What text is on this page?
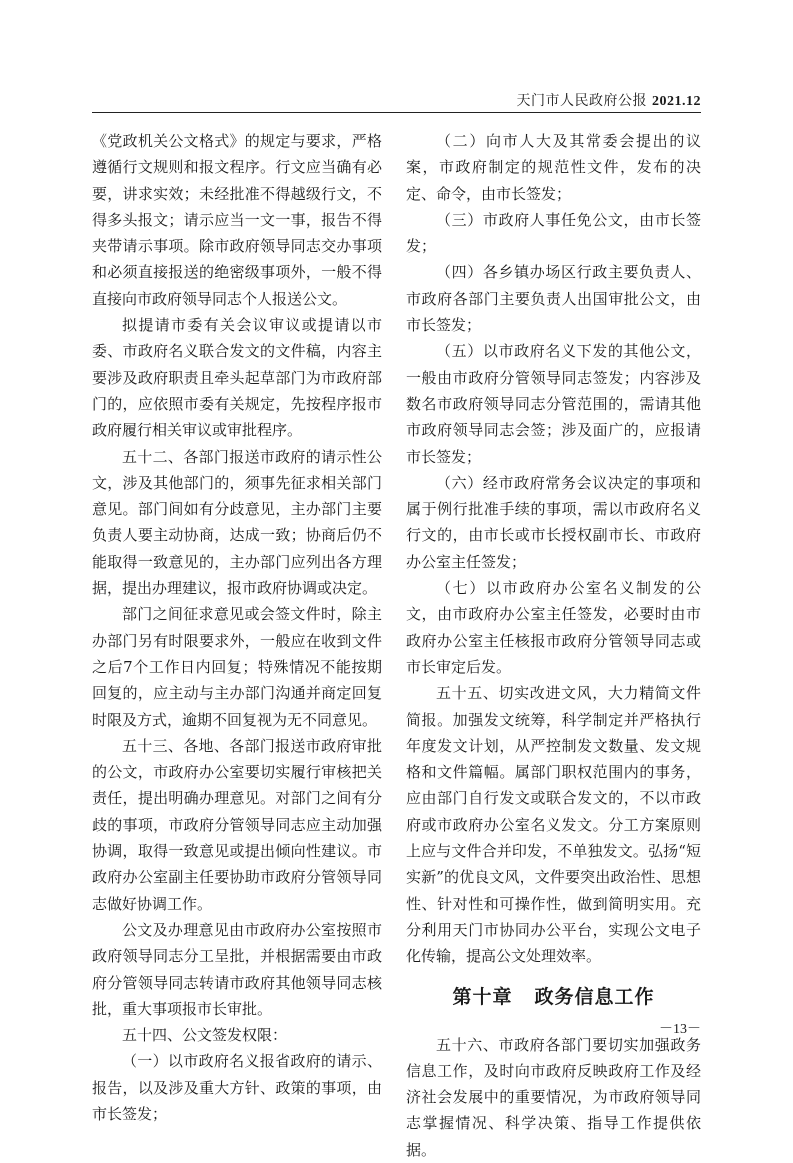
天门市人民政府公报 2021.12

《党政机关公文格式》的规定与要求，严格遵循行文规则和报文程序。行文应当确有必要，讲求实效；未经批准不得越级行文，不得多头报文；请示应当一文一事，报告不得夹带请示事项。除市政府领导同志交办事项和必须直接报送的绝密级事项外，一般不得直接向市政府领导同志个人报送公文。

拟提请市委有关会议审议或提请以市委、市政府名义联合发文的文件稿，内容主要涉及政府职责且牵头起草部门为市政府部门的，应依照市委有关规定，先按程序报市政府履行相关审议或审批程序。

五十二、各部门报送市政府的请示性公文，涉及其他部门的，须事先征求相关部门意见。部门间如有分歧意见，主办部门主要负责人要主动协商，达成一致；协商后仍不能取得一致意见的，主办部门应列出各方理据，提出办理建议，报市政府协调或决定。

部门之间征求意见或会签文件时，除主办部门另有时限要求外，一般应在收到文件之后7个工作日内回复；特殊情况不能按期回复的，应主动与主办部门沟通并商定回复时限及方式，逾期不回复视为无不同意见。

五十三、各地、各部门报送市政府审批的公文，市政府办公室要切实履行审核把关责任，提出明确办理意见。对部门之间有分歧的事项，市政府分管领导同志应主动加强协调，取得一致意见或提出倾向性建议。市政府办公室副主任要协助市政府分管领导同志做好协调工作。

公文及办理意见由市政府办公室按照市政府领导同志分工呈批，并根据需要由市政府分管领导同志转请市政府其他领导同志核批，重大事项报市长审批。

五十四、公文签发权限：

（一）以市政府名义报省政府的请示、报告，以及涉及重大方针、政策的事项，由市长签发；

（二）向市人大及其常委会提出的议案，市政府制定的规范性文件，发布的决定、命令，由市长签发；

（三）市政府人事任免公文，由市长签发；

（四）各乡镇办场区行政主要负责人、市政府各部门主要负责人出国审批公文，由市长签发；

（五）以市政府名义下发的其他公文，一般由市政府分管领导同志签发；内容涉及数名市政府领导同志分管范围的，需请其他市政府领导同志会签；涉及面广的，应报请市长签发；

（六）经市政府常务会议决定的事项和属于例行批准手续的事项，需以市政府名义行文的，由市长或市长授权副市长、市政府办公室主任签发；

（七）以市政府办公室名义制发的公文，由市政府办公室主任签发，必要时由市政府办公室主任核报市政府分管领导同志或市长审定后发。

五十五、切实改进文风，大力精简文件简报。加强发文统筹，科学制定并严格执行年度发文计划，从严控制发文数量、发文规格和文件篇幅。属部门职权范围内的事务，应由部门自行发文或联合发文的，不以市政府或市政府办公室名义发文。分工方案原则上应与文件合并印发，不单独发文。弘扬“短实新”的优良文风，文件要突出政治性、思想性、针对性和可操作性，做到简明实用。充分利用天门市协同办公平台，实现公文电子化传输，提高公文处理效率。

第十章 政务信息工作

五十六、市政府各部门要切实加强政务信息工作，及时向市政府反映政府工作及经济社会发展中的重要情况，为市政府领导同志掌握情况、科学决策、指导工作提供依据。

－13－
